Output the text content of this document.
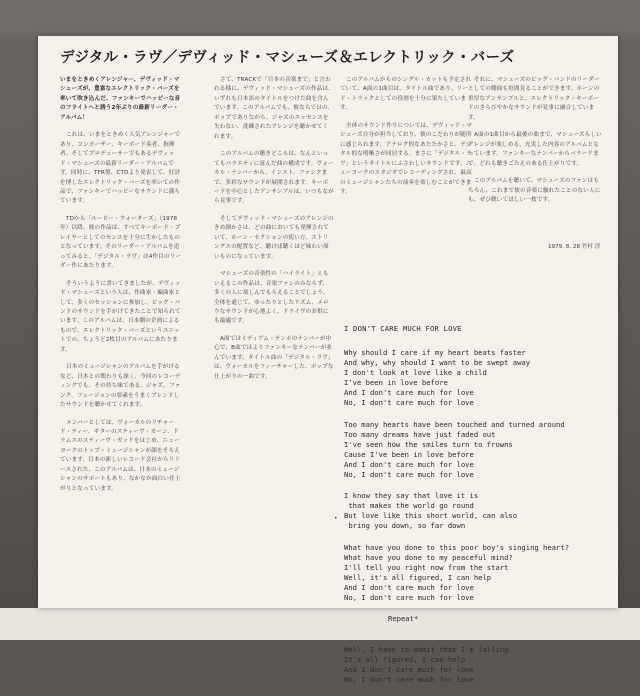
デジタル・ラヴ／デヴィッド・マシューズ＆エレクトリック・バーズ

いまをときめくアレンジャー、デヴィッド・マシューズが、豊富なエレクトリック・バーズを率いて吹き込んだ、ファンキーでハッピーな音のフライトへと誘う2年ぶりの最新リーダー・アルバム！

これは、いまをときめく人気アレンジャーであり、コンポーザー、キーボード奏者、指揮者、そしてプロデューサーでもあるデヴィッド・マシューズの最新リーダー・アルバムです。同時に、TFR盤、CTDより発表して、好評を博したエレクトリック・バーズを率いての作品で、ファンキーでハッピーなサウンドに満ちています。

TDから「ルーピー・ウォーターズ」（1978年）以降、彼の作品は、すべてキーボード・プレイヤーとしてのセンスを十分に生かしたものとなっています。そのリーダー・アルバムを追ってみると、「デジタル・ラヴ」は4作目のリーダー作にあたります。

そういうように書いてきましたが、デヴィッド・マシューズという人は、作曲家・編曲家として、多くのセッションに参加し、ビッグ・バンドのサウンドを手がけてきたことで知られています。このアルバムは、日本側の企画によるもので、エレクトリック・バーズというユニットでの、ちょうど2枚目のアルバムにあたります。

日本のミュージシャンのアルバムを手がけるなど、日本との関わりも深く、今回のレコーディングでも、その持ち味である、ジャズ、ファンク、フュージョンの要素をうまくブレンドしたサウンドを聴かせてくれます。

メンバーとしては、ヴォーカルのリチャード・ティー、ギターのスティーヴ・カーン、ドラムスのスティーヴ・ガッドをはじめ、ニューヨークのトップ・ミュージシャンが顔をそろえています。日本の新しいレコード会社からリリースされた、このアルバムは、日本のミュージシャンのサポートもあり、なかなか面白い仕上がりとなっています。

さて、TRACKで「日本の音楽まで」と言われる様に、デヴィッド・マシューズの作品は、いずれも日本語のタイトルをつけた曲を含んでいます。このアルバムでも、彼ならではの、ポップでありながら、ジャズのエッセンスを失わない、洗練されたアレンジを聴かせてくれます。

このアルバムの聴きどころは、なんといってもバラエティに富んだ曲の構成です。ヴォーカル・ナンバーから、インスト、ファンクまで、多彩なサウンドが展開されます。キーボードを中心としたアンサンブルは、いつもながら見事です。

そしてデヴィッド・マシューズのアレンジのきめ細かさは、どの曲においても発揮されていて、ホーン・セクションの使い方、ストリングスの配置など、聴けば聴くほど味わい深いものになっています。

マシューズの音楽性の「ハイライト」ともいえるこの作品は、音楽ファンのみならず、多くの人に楽しんでもらえることでしょう。全体を通じて、ゆったりとしたリズム、メロウなサウンドが心地よく、ドライヴのお供にも最適です。

A面ではミディアム・テンポのナンバーが中心で、B面ではよりファンキーなナンバーが並んでいます。タイトル曲の「デジタル・ラヴ」は、ヴォーカルをフィーチャーした、ポップな仕上がりの一曲です。

このアルバムからのシングル・カットも予定されていて、A面の1曲目は、タイトル曲であり、リード・トラックとしての役割を十分に果たしています。

全体のサウンド作りについては、デヴィッド・マシューズ自身が担当しており、彼のこだわりが随所に感じられます。アナログ的なあたたかさと、デジタル的な明晰さが同居する、まさに「デジタル・ラヴ」というタイトルにふさわしいサウンドです。ニューヨークのスタジオでレコーディングされ、最高のミュージシャンたちの演奏を楽しむことができます。

それに、マシューズのビッグ・バンドのリーダーとしての側面も垣間見ることができます。ホーンの重厚なアンサンブルと、エレクトリック・キーボードのきらびやかなサウンドが見事に融合しています。

A面の1曲目から最後の曲まで、マシューズらしいアレンジが楽しめる、充実した内容のアルバムとなっています。ファンキーなナンバーからバラードまで、どれも聴きごたえのある仕上がりです。

このアルバムを聴いて、マシューズのファンはもちろん、これまで彼の音楽に触れたことのない人にも、ぜひ聴いてほしい一枚です。

1979. 8. 28 竹村 淳
•
I DON'T CARE MUCH FOR LOVE
Why should I care if my heart beats faster
And why, why should I want to be swept away
I don't look at love like a child
I've been in love before
And I don't care much for love
No, I don't care much for love
Too many hearts have been touched and turned around
Too many dreams have just faded out
I've seen how the smiles turn to frowns
Cause I've been in love before
And I don't care much for love
No, I don't care much for love
I know they say that love it is
that makes the world go round
But love like this short world, can also
bring you down, so far down
What have you done to this poor boy's singing heart?
What have you done to my peaceful mind?
I'll tell you right now from the start
Well, it's all figured, I can help
And I don't care much for love
No, I don't care much for love
Repeat*
Well, I have to admit that I'm falling
It's all figured, I can help
And I don't care much for love
No, I don't care much for love
